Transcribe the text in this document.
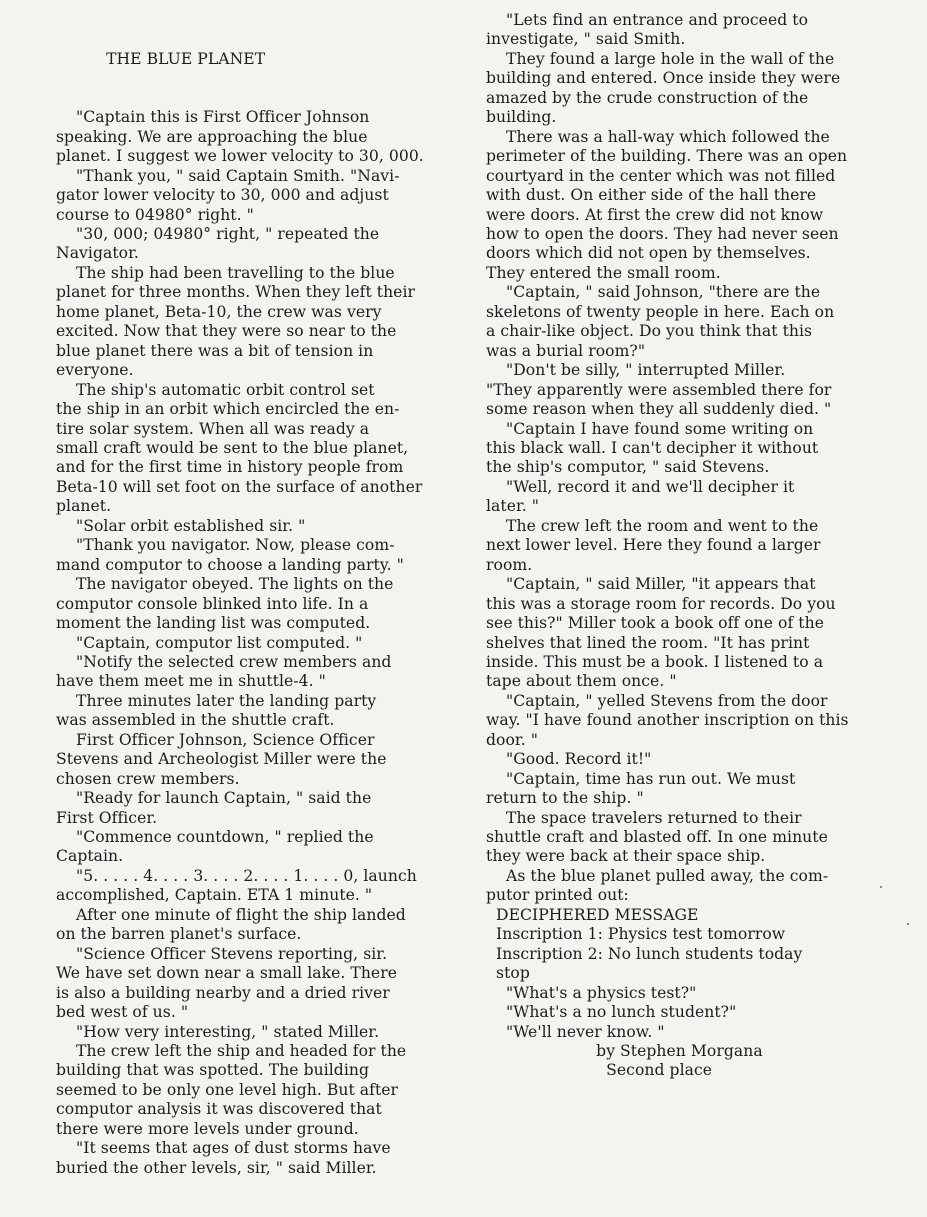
THE BLUE PLANET

"Captain this is First Officer Johnson
speaking. We are approaching the blue
planet. I suggest we lower velocity to 30, 000.
"Thank you, " said Captain Smith. "Navi-
gator lower velocity to 30, 000 and adjust
course to 04980° right. "
"30, 000; 04980° right, " repeated the
Navigator.
The ship had been travelling to the blue
planet for three months. When they left their
home planet, Beta-10, the crew was very
excited. Now that they were so near to the
blue planet there was a bit of tension in
everyone.
The ship's automatic orbit control set
the ship in an orbit which encircled the en-
tire solar system. When all was ready a
small craft would be sent to the blue planet,
and for the first time in history people from
Beta-10 will set foot on the surface of another
planet.
"Solar orbit established sir. "
"Thank you navigator. Now, please com-
mand computor to choose a landing party. "
The navigator obeyed. The lights on the
computor console blinked into life. In a
moment the landing list was computed.
"Captain, computor list computed. "
"Notify the selected crew members and
have them meet me in shuttle-4. "
Three minutes later the landing party
was assembled in the shuttle craft.
First Officer Johnson, Science Officer
Stevens and Archeologist Miller were the
chosen crew members.
"Ready for launch Captain, " said the
First Officer.
"Commence countdown, " replied the
Captain.
"5. . . . . 4. . . . 3. . . . 2. . . . 1. . . . 0, launch
accomplished, Captain. ETA 1 minute. "
After one minute of flight the ship landed
on the barren planet's surface.
"Science Officer Stevens reporting, sir.
We have set down near a small lake. There
is also a building nearby and a dried river
bed west of us. "
"How very interesting, " stated Miller.
The crew left the ship and headed for the
building that was spotted. The building
seemed to be only one level high. But after
computor analysis it was discovered that
there were more levels under ground.
"It seems that ages of dust storms have
buried the other levels, sir, " said Miller.

"Lets find an entrance and proceed to
investigate, " said Smith.
They found a large hole in the wall of the
building and entered. Once inside they were
amazed by the crude construction of the
building.
There was a hall-way which followed the
perimeter of the building. There was an open
courtyard in the center which was not filled
with dust. On either side of the hall there
were doors. At first the crew did not know
how to open the doors. They had never seen
doors which did not open by themselves.
They entered the small room.
"Captain, " said Johnson, "there are the
skeletons of twenty people in here. Each on
a chair-like object. Do you think that this
was a burial room?"
"Don't be silly, " interrupted Miller.
"They apparently were assembled there for
some reason when they all suddenly died. "
"Captain I have found some writing on
this black wall. I can't decipher it without
the ship's computor, " said Stevens.
"Well, record it and we'll decipher it
later. "
The crew left the room and went to the
next lower level. Here they found a larger
room.
"Captain, " said Miller, "it appears that
this was a storage room for records. Do you
see this?" Miller took a book off one of the
shelves that lined the room. "It has print
inside. This must be a book. I listened to a
tape about them once. "
"Captain, " yelled Stevens from the door
way. "I have found another inscription on this
door. "
"Good. Record it!"
"Captain, time has run out. We must
return to the ship. "
The space travelers returned to their
shuttle craft and blasted off. In one minute
they were back at their space ship.
As the blue planet pulled away, the com-
putor printed out:
DECIPHERED MESSAGE
Inscription 1: Physics test tomorrow
Inscription 2: No lunch students today
stop
"What's a physics test?"
"What's a no lunch student?"
"We'll never know. "
by Stephen Morgana
Second place
